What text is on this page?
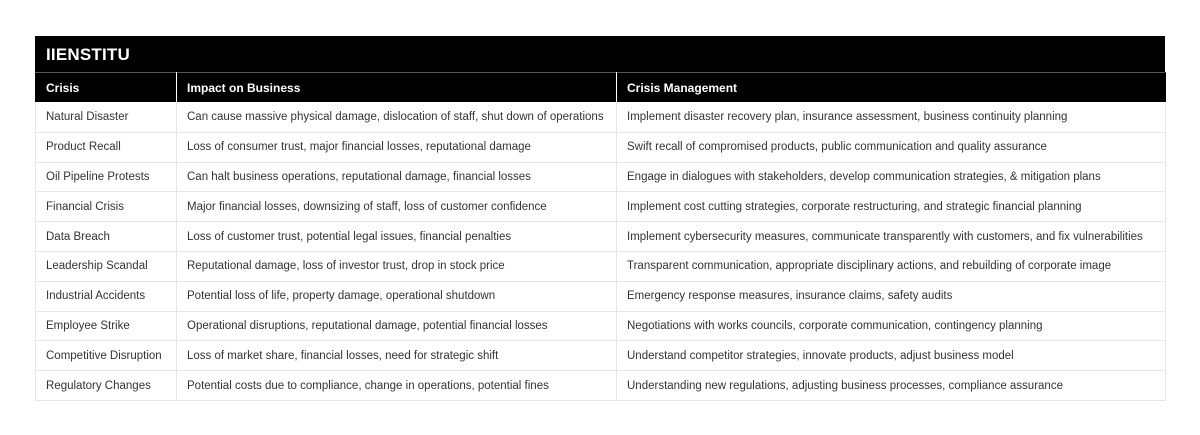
IIENSTITU
Crisis	Impact on Business	Crisis Management
Natural Disaster	Can cause massive physical damage, dislocation of staff, shut down of operations	Implement disaster recovery plan, insurance assessment, business continuity planning
Product Recall	Loss of consumer trust, major financial losses, reputational damage	Swift recall of compromised products, public communication and quality assurance
Oil Pipeline Protests	Can halt business operations, reputational damage, financial losses	Engage in dialogues with stakeholders, develop communication strategies, & mitigation plans
Financial Crisis	Major financial losses, downsizing of staff, loss of customer confidence	Implement cost cutting strategies, corporate restructuring, and strategic financial planning
Data Breach	Loss of customer trust, potential legal issues, financial penalties	Implement cybersecurity measures, communicate transparently with customers, and fix vulnerabilities
Leadership Scandal	Reputational damage, loss of investor trust, drop in stock price	Transparent communication, appropriate disciplinary actions, and rebuilding of corporate image
Industrial Accidents	Potential loss of life, property damage, operational shutdown	Emergency response measures, insurance claims, safety audits
Employee Strike	Operational disruptions, reputational damage, potential financial losses	Negotiations with works councils, corporate communication, contingency planning
Competitive Disruption	Loss of market share, financial losses, need for strategic shift	Understand competitor strategies, innovate products, adjust business model
Regulatory Changes	Potential costs due to compliance, change in operations, potential fines	Understanding new regulations, adjusting business processes, compliance assurance
